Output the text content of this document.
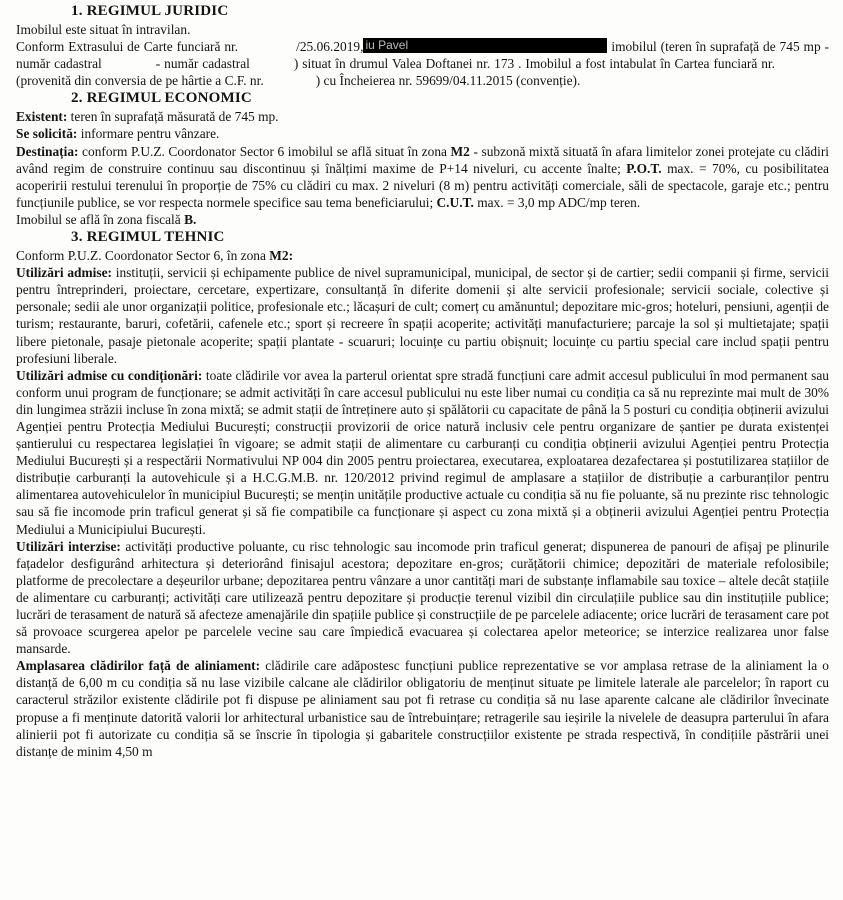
1. REGIMUL JURIDIC

Imobilul este situat în intravilan.

Conform Extrasului de Carte funciară nr.	/25.06.2019, iu Pavel	imobilul (teren în suprafață de 745 mp - număr cadastral	- număr cadastral	) situat în drumul Valea Doftanei nr. 173 . Imobilul a fost intabulat în Cartea funciară nr.(provenită din conversia de pe hârtie a C.F. nr.	) cu Încheierea nr. 59699/04.11.2015 (convenție).

2. REGIMUL ECONOMIC

Existent: teren în suprafață măsurată de 745 mp.

Se solicită: informare pentru vânzare.

Destinația: conform P.U.Z. Coordonator Sector 6 imobilul se află situat în zona M2 - subzonă mixtă situată în afara limitelor zonei protejate cu clădiri având regim de construire continuu sau discontinuu și înălțimi maxime de P+14 niveluri, cu accente înalte; P.O.T. max. = 70%, cu posibilitatea acoperirii restului terenului în proporție de 75% cu clădiri cu max. 2 niveluri (8 m) pentru activități comerciale, săli de spectacole, garaje etc.; pentru funcțiunile publice, se vor respecta normele specifice sau tema beneficiarului; C.U.T. max. = 3,0 mp ADC/mp teren.

Imobilul se află în zona fiscală B.

3. REGIMUL TEHNIC

Conform P.U.Z. Coordonator Sector 6, în zona M2:

Utilizări admise: instituții, servicii și echipamente publice de nivel supramunicipal, municipal, de sector și de cartier; sedii companii și firme, servicii pentru întreprinderi, proiectare, cercetare, expertizare, consultanță în diferite domenii și alte servicii profesionale; servicii sociale, colective și personale; sedii ale unor organizații politice, profesionale etc.; lăcașuri de cult; comerț cu amănuntul; depozitare mic-gros; hoteluri, pensiuni, agenții de turism; restaurante, baruri, cofetării, cafenele etc.; sport și recreere în spații acoperite; activități manufacturiere; parcaje la sol și multietajate; spații libere pietonale, pasaje pietonale acoperite; spații plantate - scuaruri; locuințe cu partiu obișnuit; locuințe cu partiu special care includ spații pentru profesiuni liberale.

Utilizări admise cu condiționări: toate clădirile vor avea la parterul orientat spre stradă funcțiuni care admit accesul publicului în mod permanent sau conform unui program de funcționare; se admit activități în care accesul publicului nu este liber numai cu condiția ca să nu reprezinte mai mult de 30% din lungimea străzii incluse în zona mixtă; se admit stații de întreținere auto și spălătorii cu capacitate de până la 5 posturi cu condiția obținerii avizului Agenției pentru Protecția Mediului București; construcții provizorii de orice natură inclusiv cele pentru organizare de șantier pe durata existenței șantierului cu respectarea legislației în vigoare; se admit stații de alimentare cu carburanți cu condiția obținerii avizului Agenției pentru Protecția Mediului București și a respectării Normativului NP 004 din 2005 pentru proiectarea, executarea, exploatarea dezafectarea și postutilizarea stațiilor de distribuție carburanți la autovehicule și a H.C.G.M.B. nr. 120/2012 privind regimul de amplasare a stațiilor de distribuție a carburanților pentru alimentarea autovehiculelor în municipiul București; se mențin unitățile productive actuale cu condiția să nu fie poluante, să nu prezinte risc tehnologic sau să fie incomode prin traficul generat și să fie compatibile ca funcționare și aspect cu zona mixtă și a obținerii avizului Agenției pentru Protecția Mediului a Municipiului București.

Utilizări interzise: activități productive poluante, cu risc tehnologic sau incomode prin traficul generat; dispunerea de panouri de afișaj pe plinurile fațadelor desfigurând arhitectura și deteriorând finisajul acestora; depozitare en-gros; curățătorii chimice; depozitări de materiale refolosibile; platforme de precolectare a deșeurilor urbane; depozitarea pentru vânzare a unor cantități mari de substanțe inflamabile sau toxice – altele decât stațiile de alimentare cu carburanți; activități care utilizează pentru depozitare și producție terenul vizibil din circulațiile publice sau din instituțiile publice; lucrări de terasament de natură să afecteze amenajările din spațiile publice și construcțiile de pe parcelele adiacente; orice lucrări de terasament care pot să provoace scurgerea apelor pe parcelele vecine sau care împiedică evacuarea și colectarea apelor meteorice; se interzice realizarea unor false mansarde.

Amplasarea clădirilor față de aliniament: clădirile care adăpostesc funcțiuni publice reprezentative se vor amplasa retrase de la aliniament la o distanță de 6,00 m cu condiția să nu lase vizibile calcane ale clădirilor obligatoriu de menținut situate pe limitele laterale ale parcelelor; în raport cu caracterul străzilor existente clădirile pot fi dispuse pe aliniament sau pot fi retrase cu condiția să nu lase aparente calcane ale clădirilor învecinate propuse a fi menținute datorită valorii lor arhitectural urbanistice sau de întrebuințare; retragerile sau ieșirile la nivelele de deasupra parterului în afara alinierii pot fi autorizate cu condiția să se înscrie în tipologia și gabaritele construcțiilor existente pe strada respectivă, în condițiile păstrării unei distanțe de minim 4,50 m
